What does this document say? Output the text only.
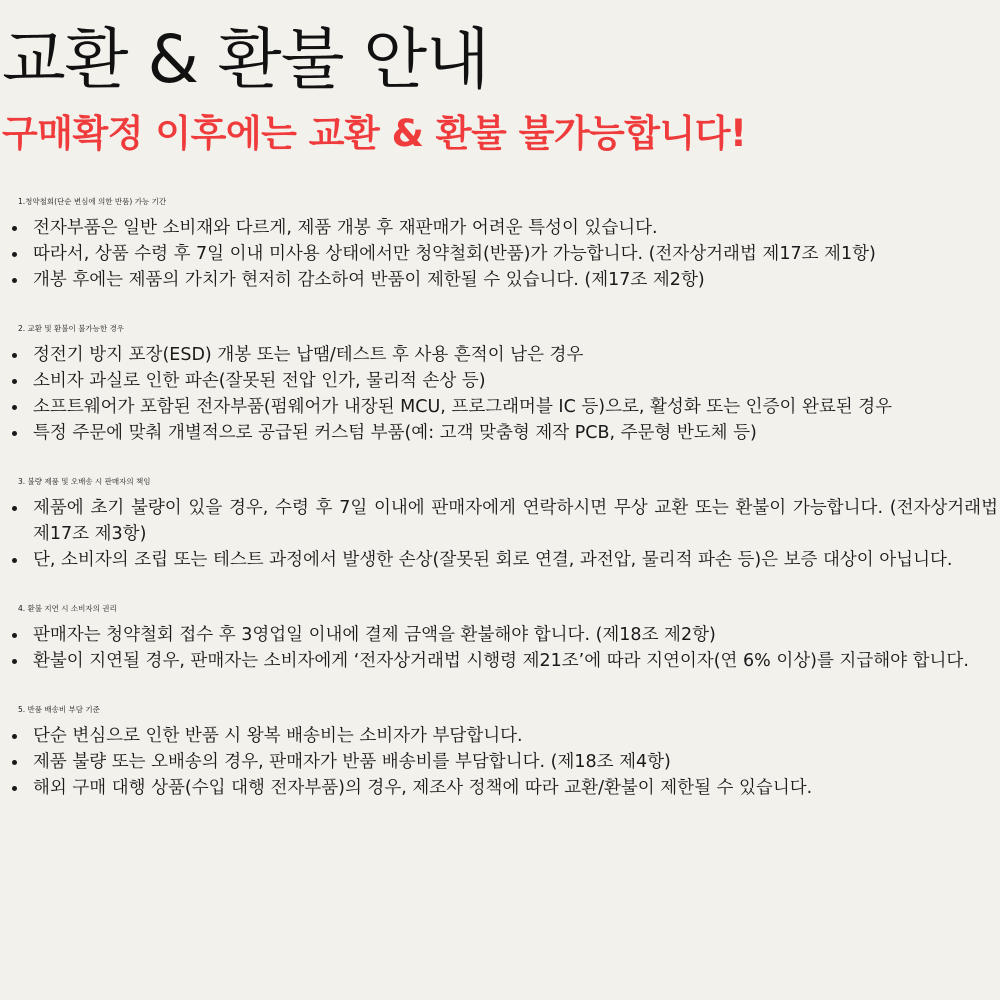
교환 & 환불 안내
구매확정 이후에는 교환 & 환불 불가능합니다!
1.청약철회(단순 변심에 의한 반품) 가능 기간
전자부품은 일반 소비재와 다르게, 제품 개봉 후 재판매가 어려운 특성이 있습니다.
따라서, 상품 수령 후 7일 이내 미사용 상태에서만 청약철회(반품)가 가능합니다. (전자상거래법 제17조 제1항)
개봉 후에는 제품의 가치가 현저히 감소하여 반품이 제한될 수 있습니다. (제17조 제2항)
2. 교환 및 환불이 불가능한 경우
정전기 방지 포장(ESD) 개봉 또는 납땜/테스트 후 사용 흔적이 남은 경우
소비자 과실로 인한 파손(잘못된 전압 인가, 물리적 손상 등)
소프트웨어가 포함된 전자부품(펌웨어가 내장된 MCU, 프로그래머블 IC 등)으로, 활성화 또는 인증이 완료된 경우
특정 주문에 맞춰 개별적으로 공급된 커스텀 부품(예: 고객 맞춤형 제작 PCB, 주문형 반도체 등)
3. 불량 제품 및 오배송 시 판매자의 책임
제품에 초기 불량이 있을 경우, 수령 후 7일 이내에 판매자에게 연락하시면 무상 교환 또는 환불이 가능합니다. (전자상거래법 제17조 제3항)
단, 소비자의 조립 또는 테스트 과정에서 발생한 손상(잘못된 회로 연결, 과전압, 물리적 파손 등)은 보증 대상이 아닙니다.
4. 환불 지연 시 소비자의 권리
판매자는 청약철회 접수 후 3영업일 이내에 결제 금액을 환불해야 합니다. (제18조 제2항)
환불이 지연될 경우, 판매자는 소비자에게 ‘전자상거래법 시행령 제21조’에 따라 지연이자(연 6% 이상)를 지급해야 합니다.
5. 반품 배송비 부담 기준
단순 변심으로 인한 반품 시 왕복 배송비는 소비자가 부담합니다.
제품 불량 또는 오배송의 경우, 판매자가 반품 배송비를 부담합니다. (제18조 제4항)
해외 구매 대행 상품(수입 대행 전자부품)의 경우, 제조사 정책에 따라 교환/환불이 제한될 수 있습니다.
